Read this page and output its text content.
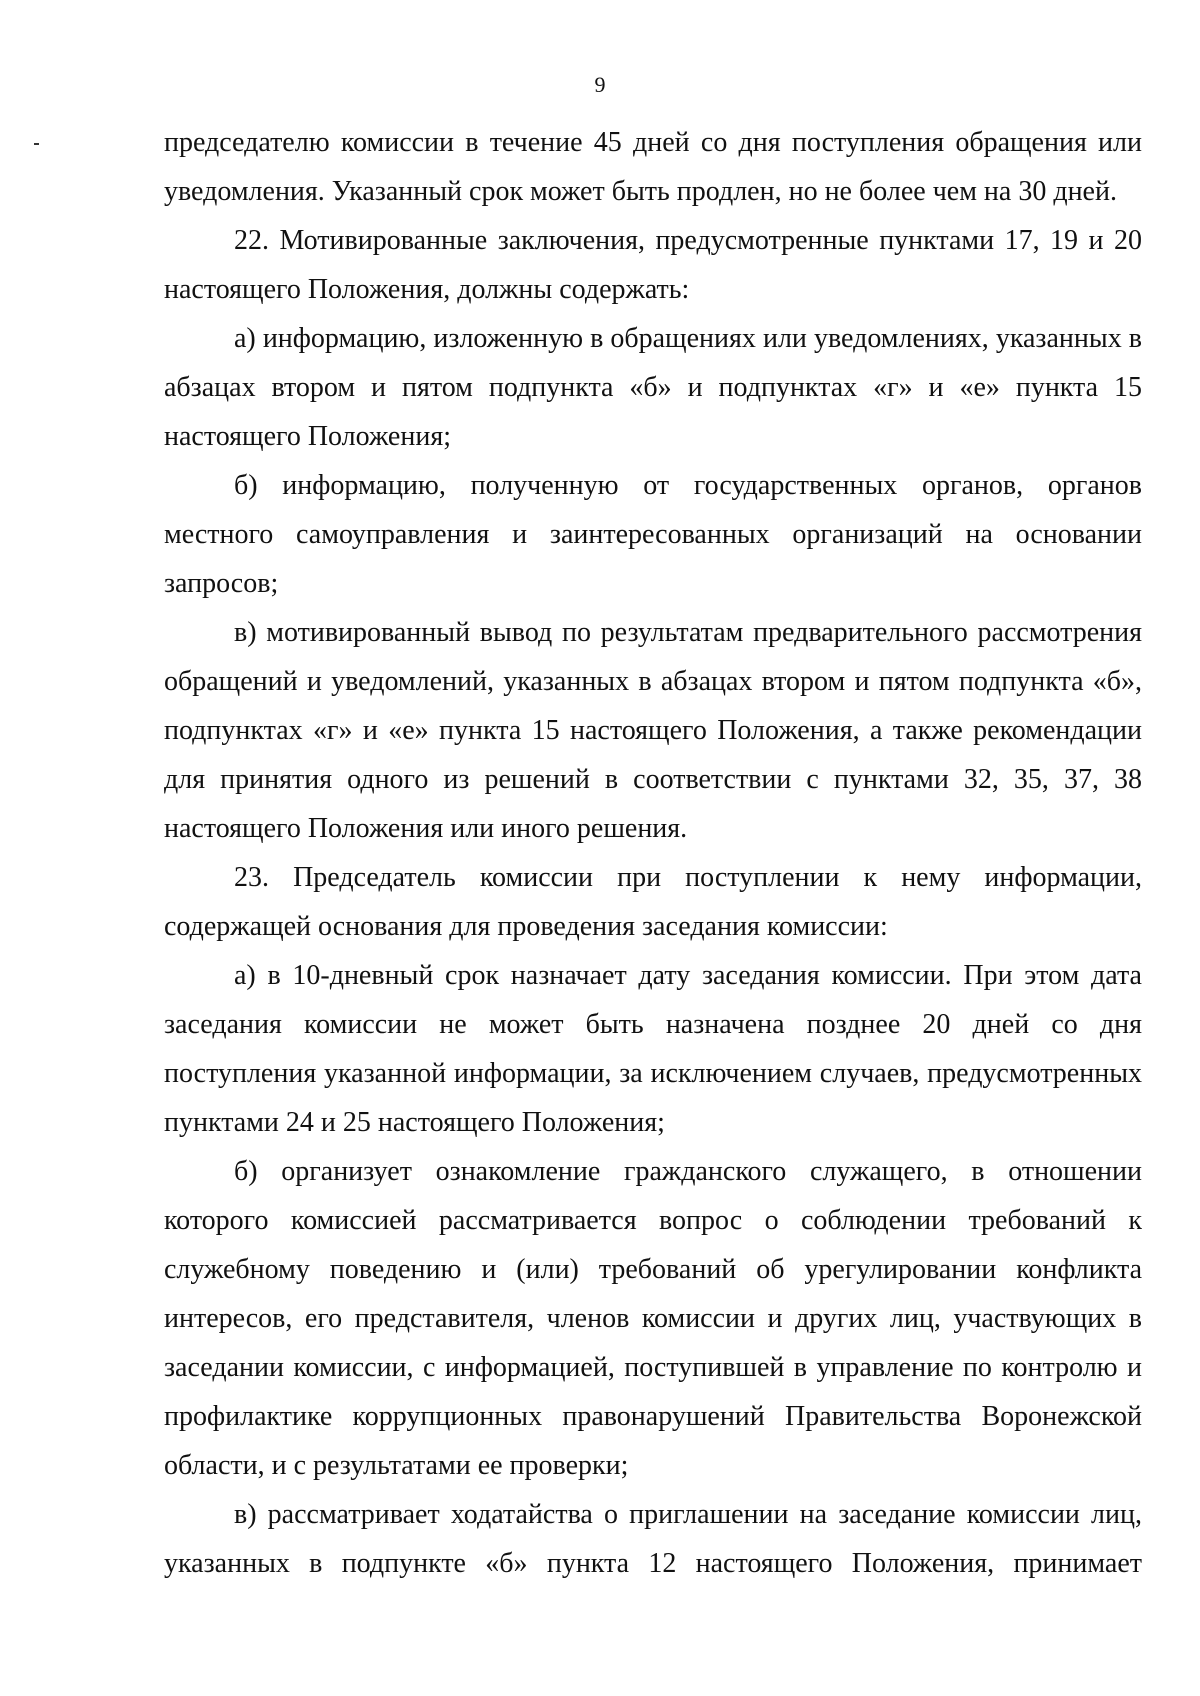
9

председателю комиссии в течение 45 дней со дня поступления обращения или уведомления. Указанный срок может быть продлен, но не более чем на 30 дней.

22. Мотивированные заключения, предусмотренные пунктами 17, 19 и 20 настоящего Положения, должны содержать:

а) информацию, изложенную в обращениях или уведомлениях, указанных в абзацах втором и пятом подпункта «б» и подпунктах «г» и «е» пункта 15 настоящего Положения;

б) информацию, полученную от государственных органов, органов местного самоуправления и заинтересованных организаций на основании запросов;

в) мотивированный вывод по результатам предварительного рассмотрения обращений и уведомлений, указанных в абзацах втором и пятом подпункта «б», подпунктах «г» и «е» пункта 15 настоящего Положения, а также рекомендации для принятия одного из решений в соответствии с пунктами 32, 35, 37, 38 настоящего Положения или иного решения.

23. Председатель комиссии при поступлении к нему информации, содержащей основания для проведения заседания комиссии:

а) в 10-дневный срок назначает дату заседания комиссии. При этом дата заседания комиссии не может быть назначена позднее 20 дней со дня поступления указанной информации, за исключением случаев, предусмотренных пунктами 24 и 25 настоящего Положения;

б) организует ознакомление гражданского служащего, в отношении которого комиссией рассматривается вопрос о соблюдении требований к служебному поведению и (или) требований об урегулировании конфликта интересов, его представителя, членов комиссии и других лиц, участвующих в заседании комиссии, с информацией, поступившей в управление по контролю и профилактике коррупционных правонарушений Правительства Воронежской области, и с результатами ее проверки;

в) рассматривает ходатайства о приглашении на заседание комиссии лиц, указанных в подпункте «б» пункта 12 настоящего Положения, принимает
